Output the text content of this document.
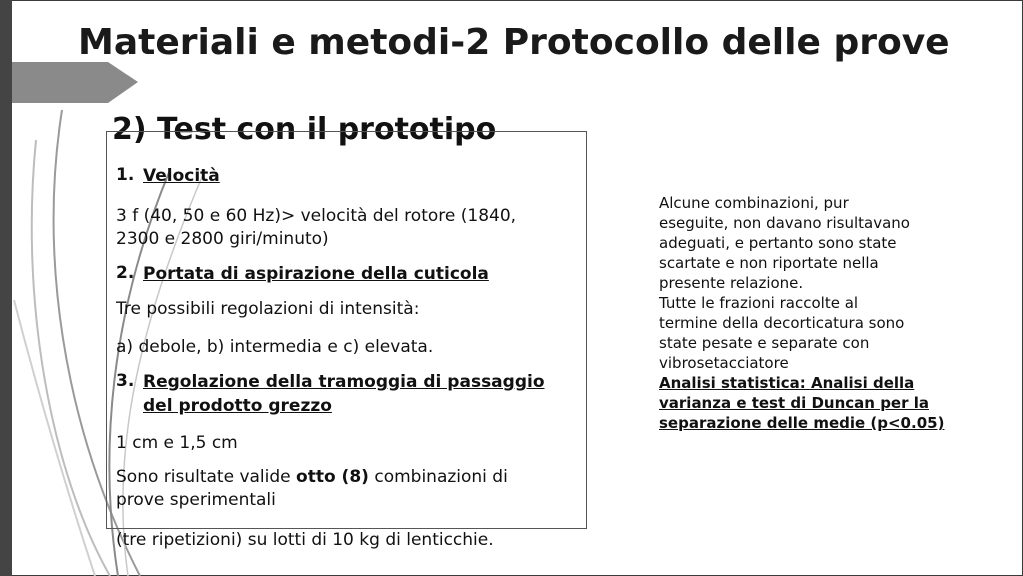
Materiali e metodi-2 Protocollo delle prove
2) Test con il prototipo
1. Velocità
3 f (40, 50 e 60 Hz)> velocità del rotore (1840,
2300 e 2800 giri/minuto)
2. Portata di aspirazione della cuticola
Tre possibili regolazioni di intensità:
a) debole, b) intermedia e c) elevata.
3. Regolazione della tramoggia di passaggio
del prodotto grezzo
1 cm e 1,5 cm
Sono risultate valide otto (8) combinazioni di
prove sperimentali
(tre ripetizioni) su lotti di 10 kg di lenticchie.
Alcune combinazioni, pur
eseguite, non davano risultavano
adeguati, e pertanto sono state
scartate e non riportate nella
presente relazione.
Tutte le frazioni raccolte al
termine della decorticatura sono
state pesate e separate con
vibrosetacciatore
Analisi statistica: Analisi della
varianza e test di Duncan per la
separazione delle medie (p<0.05)
